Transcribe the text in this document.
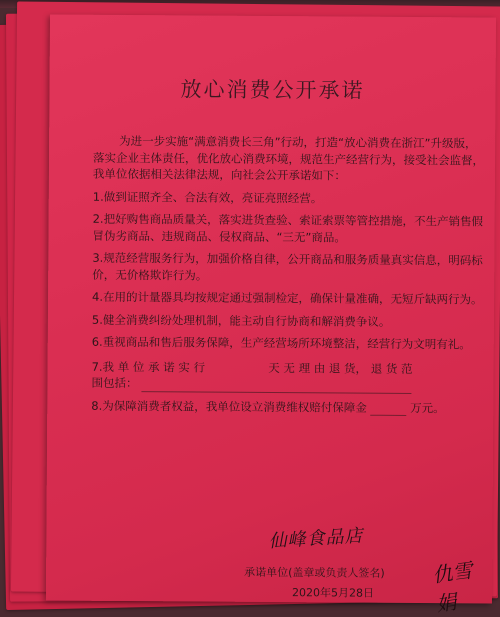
放心消费公开承诺

为进一步实施“满意消费长三角”行动，打造“放心消费在浙江”升级版，落实企业主体责任，优化放心消费环境，规范生产经营行为，接受社会监督，我单位依据相关法律法规，向社会公开承诺如下：

1.做到证照齐全、合法有效，亮证亮照经营。

2.把好购售商品质量关，落实进货查验、索证索票等管控措施，不生产销售假冒伪劣商品、违规商品、侵权商品、“三无”商品。

3.规范经营服务行为，加强价格自律，公开商品和服务质量真实信息，明码标价，无价格欺诈行为。

4.在用的计量器具均按规定通过强制检定，确保计量准确，无短斤缺两行为。

5.健全消费纠纷处理机制，能主动自行协商和解消费争议。

6.重视商品和售后服务保障，生产经营场所环境整洁，经营行为文明有礼。

7.我 单 位 承 诺 实 行	天 无 理 由 退 货， 退 货 范
围包括：

8.为保障消费者权益，我单位设立消费维权赔付保障金	万元。

仙峰食品店
承诺单位(盖章或负责人签名) 仇雪娟
2020年5月28日
